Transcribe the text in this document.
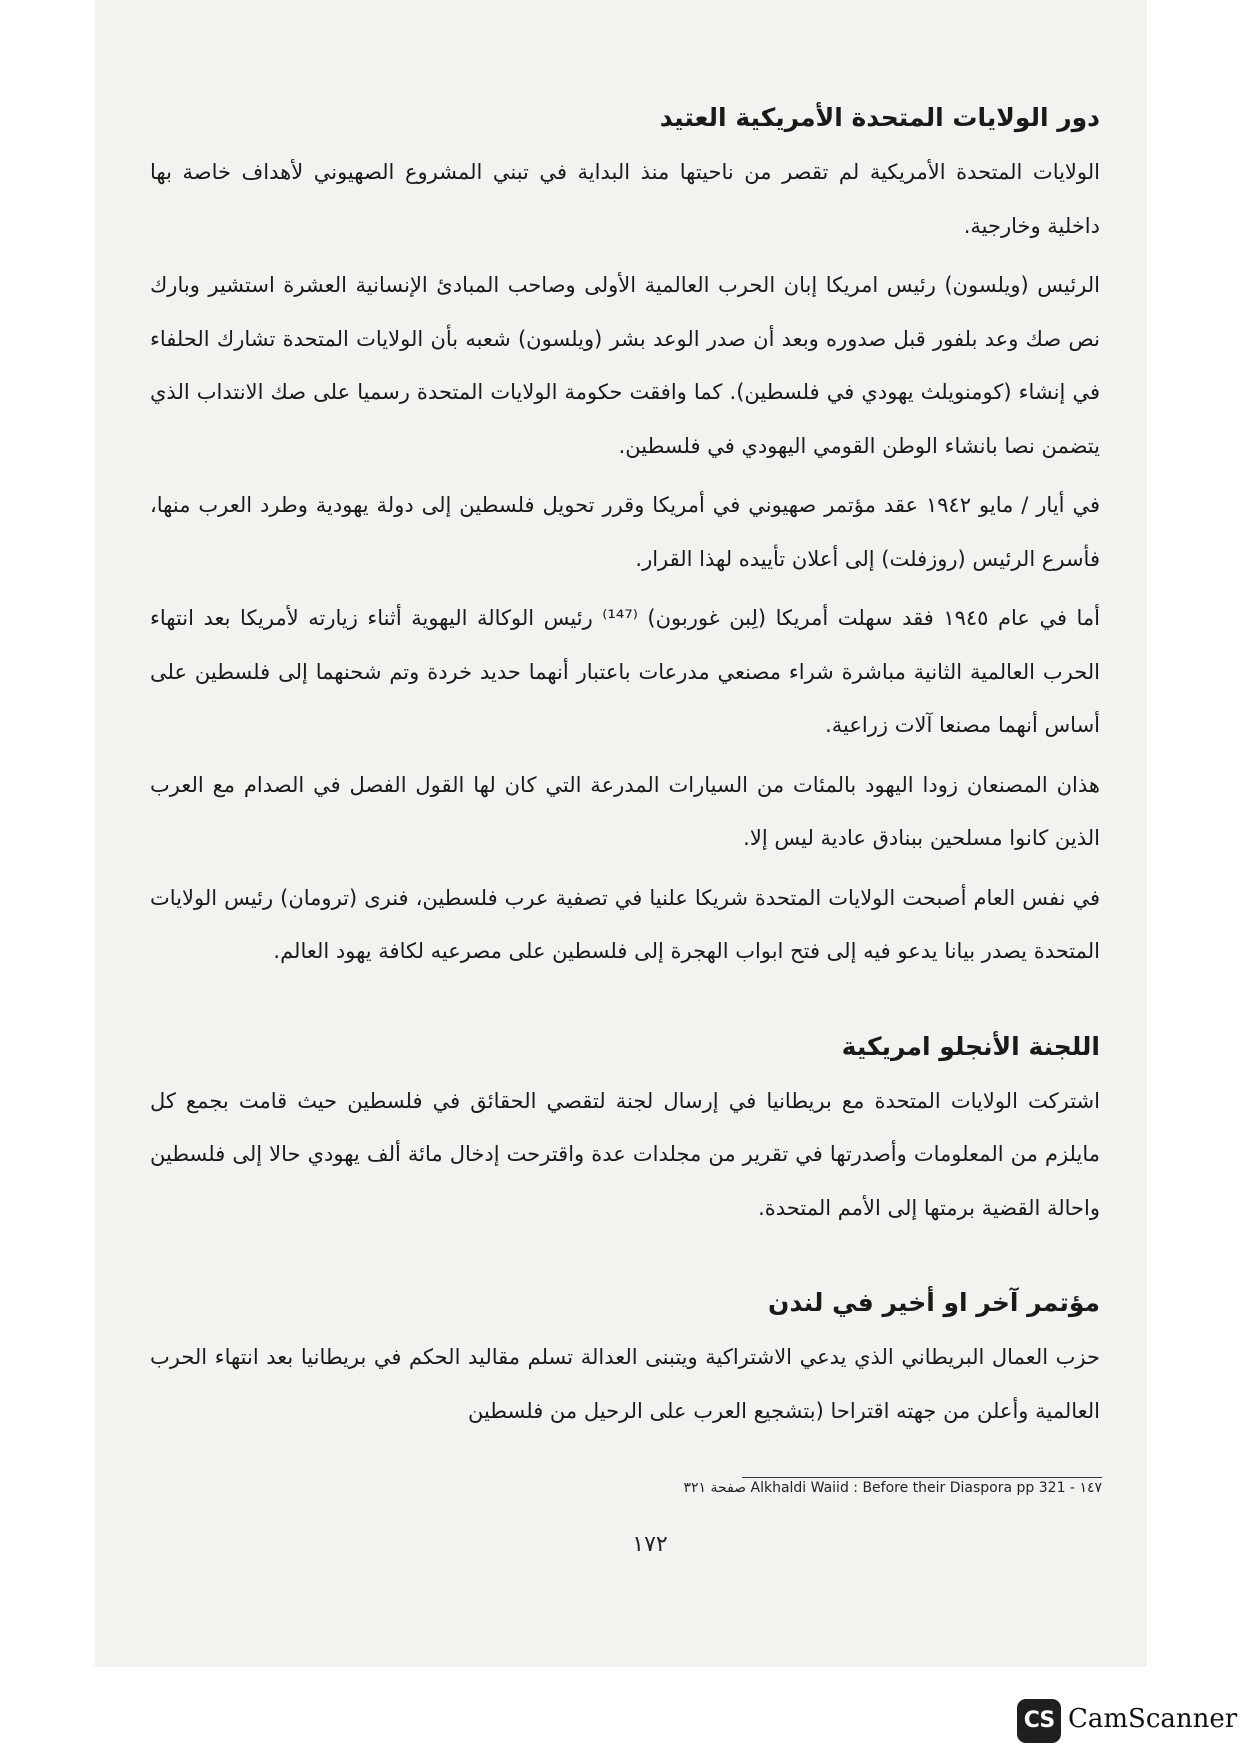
دور الولايات المتحدة الأمريكية العتيد

الولايات المتحدة الأمريكية لم تقصر من ناحيتها منذ البداية في تبني المشروع الصهيوني لأهداف خاصة بها داخلية وخارجية.

الرئيس (ويلسون) رئيس امريكا إبان الحرب العالمية الأولى وصاحب المبادئ الإنسانية العشرة استشير وبارك نص صك وعد بلفور قبل صدوره وبعد أن صدر الوعد بشر (ويلسون) شعبه بأن الولايات المتحدة تشارك الحلفاء في إنشاء (كومنويلث يهودي في فلسطين). كما وافقت حكومة الولايات المتحدة رسميا على صك الانتداب الذي يتضمن نصا بانشاء الوطن القومي اليهودي في فلسطين.

في أيار / مايو ١٩٤٢ عقد مؤتمر صهيوني في أمريكا وقرر تحويل فلسطين إلى دولة يهودية وطرد العرب منها، فأسرع الرئيس (روزفلت) إلى أعلان تأييده لهذا القرار.

أما في عام ١٩٤٥ فقد سهلت أمريكا (لِبن غوربون) ⁽¹⁴⁷⁾ رئيس الوكالة اليهوية أثناء زيارته لأمريكا بعد انتهاء الحرب العالمية الثانية مباشرة شراء مصنعي مدرعات باعتبار أنهما حديد خردة وتم شحنهما إلى فلسطين على أساس أنهما مصنعا آلات زراعية.

هذان المصنعان زودا اليهود بالمئات من السيارات المدرعة التي كان لها القول الفصل في الصدام مع العرب الذين كانوا مسلحين ببنادق عادية ليس إلا.

في نفس العام أصبحت الولايات المتحدة شريكا علنيا في تصفية عرب فلسطين، فنرى (ترومان) رئيس الولايات المتحدة يصدر بيانا يدعو فيه إلى فتح ابواب الهجرة إلى فلسطين على مصرعيه لكافة يهود العالم.

اللجنة الأنجلو امريكية

اشتركت الولايات المتحدة مع بريطانيا في إرسال لجنة لتقصي الحقائق في فلسطين حيث قامت بجمع كل مايلزم من المعلومات وأصدرتها في تقرير من مجلدات عدة واقترحت إدخال مائة ألف يهودي حالا إلى فلسطين واحالة القضية برمتها إلى الأمم المتحدة.

مؤتمر آخر او أخير في لندن

حزب العمال البريطاني الذي يدعي الاشتراكية ويتبنى العدالة تسلم مقاليد الحكم في بريطانيا بعد انتهاء الحرب العالمية وأعلن من جهته اقتراحا (بتشجيع العرب على الرحيل من فلسطين

١٤٧ - Alkhaldi Waiid : Before their Diaspora pp 321 صفحة ٣٢١
١٧٢
CS CamScanner
